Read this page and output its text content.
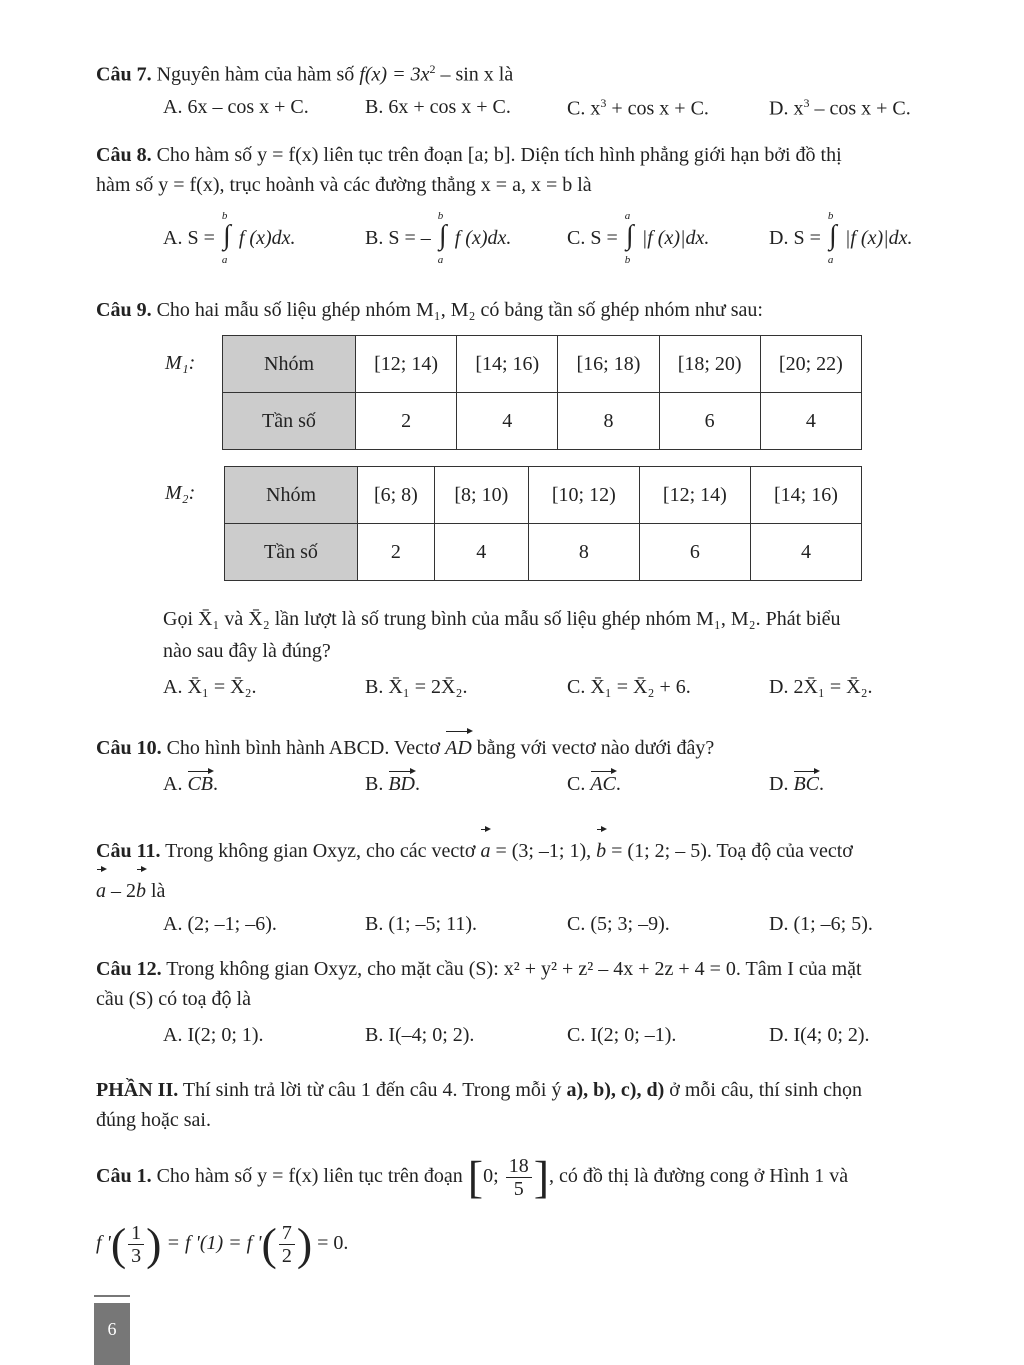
Câu 7. Nguyên hàm của hàm số $f(x) = 3x^2 - \sin x$ là
A. 6x – cos x + C.	B. 6x + cos x + C.	C. $x^3 + \cos x + C$.	D. $x^3 - \cos x + C$.
Câu 8. Cho hàm số y = f(x) liên tục trên đoạn [a; b]. Diện tích hình phẳng giới hạn bởi đồ thị
hàm số y = f(x), trục hoành và các đường thẳng x = a, x = b là
A. S =
b
∫
a
f (x)dx.	B. S = –
b
∫
a
f (x)dx.	C. S =
a
∫
b
|f (x)|dx.	D. S =
b
∫
a
|f (x)|dx.
Câu 9. Cho hai mẫu số liệu ghép nhóm M₁, M₂ có bảng tần số ghép nhóm như sau:
M₁:	Nhóm	[12; 14)	[14; 16)	[16; 18)	[18; 20)	[20; 22)
Tần số	2	4	8	6	4
M₂:	Nhóm	[6; 8)	[8; 10)	[10; 12)	[12; 14)	[14; 16)
Tần số	2	4	8	6	4
Gọi X̄₁ và X̄₂ lần lượt là số trung bình của mẫu số liệu ghép nhóm M₁, M₂. Phát biểu
nào sau đây là đúng?
A. X̄₁ = X̄₂.	B. X̄₁ = 2X̄₂.	C. X̄₁ = X̄₂ + 6.	D. 2X̄₁ = X̄₂.
Câu 10. Cho hình bình hành ABCD. Vectơ AD bằng với vectơ nào dưới đây?
A. CB.	B. BD.	C. AC.	D. BC.
Câu 11. Trong không gian Oxyz, cho các vectơ a = (3; –1; 1), b = (1; 2; – 5). Toạ độ của vectơ
a – 2b là
A. (2; –1; –6).	B. (1; –5; 11).	C. (5; 3; –9).	D. (1; –6; 5).
Câu 12. Trong không gian Oxyz, cho mặt cầu (S): x² + y² + z² – 4x + 2z + 4 = 0. Tâm I của mặt
cầu (S) có toạ độ là
A. I(2; 0; 1).	B. I(–4; 0; 2).	C. I(2; 0; –1).	D. I(4; 0; 2).
PHẦN II. Thí sinh trả lời từ câu 1 đến câu 4. Trong mỗi ý a), b), c), d) ở mỗi câu, thí sinh chọn
đúng hoặc sai.
Câu 1. Cho hàm số y = f(x) liên tục trên đoạn [0; $\frac{18}{5}$ ], có đồ thị là đường cong ở Hình 1 và
f '( $\frac{1}{3}$ ) = f '(1) = f '( $\frac{7}{2}$ ) = 0.
6
